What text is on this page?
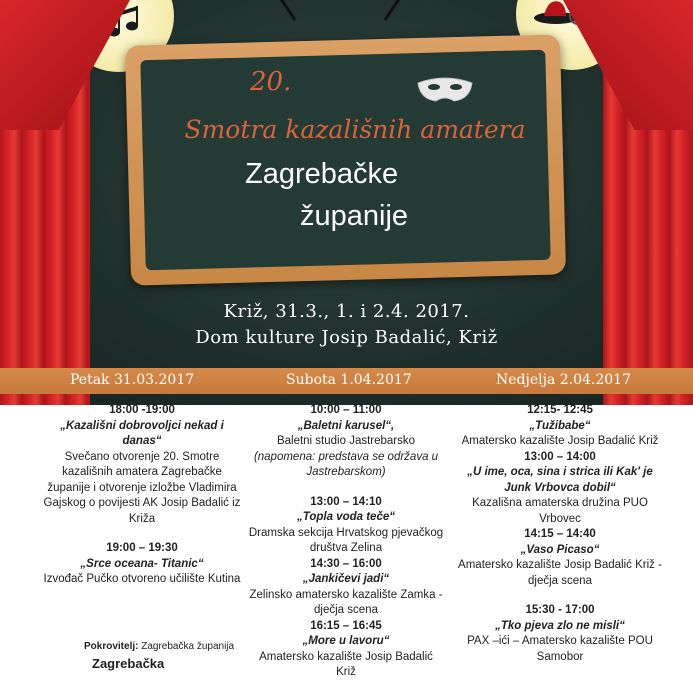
20.
Smotra kazališnih amatera
Zagrebačke
županije
Križ, 31.3., 1. i 2.4. 2017.
Dom kulture Josip Badalić, Križ
Petak 31.03.2017	Subota 1.04.2017	Nedjelja 2.04.2017
18:00 -19:00
„Kazališni dobrovoljci nekad i danas“
Svečano otvorenje 20. Smotre kazališnih amatera Zagrebačke županije i otvorenje izložbe Vladimira Gajskog o povijesti AK Josip Badalić iz Križa
19:00 – 19:30
„Srce oceana- Titanic“
Izvođač Pučko otvoreno učilište Kutina
10:00 – 11:00
„Baletni karusel“,
Baletni studio Jastrebarsko
(napomena: predstava se održava u Jastrebarskom)
13:00 – 14:10
„Topla voda teče“
Dramska sekcija Hrvatskog pjevačkog društva Zelina
14:30 – 16:00
„Jankičevi jadi“
Zelinsko amatersko kazalište Zamka - dječja scena
16:15 – 16:45
„More u lavoru“
Amatersko kazalište Josip Badalić Križ
12:15- 12:45
„Tužibabe“
Amatersko kazalište Josip Badalić Križ
13:00 – 14:00
„U ime, oca, sina i strica ili Kak' je Junk Vrbovca dobil“
Kazališna amaterska družina PUO Vrbovec
14:15 – 14:40
„Vaso Picaso“
Amatersko kazalište Josip Badalić Križ - dječja scena
15:30 - 17:00
„Tko pjeva zlo ne misli“
PAX –ići – Amatersko kazalište POU Samobor
Pokrovitelj: Zagrebačka županija
Zagrebačka
